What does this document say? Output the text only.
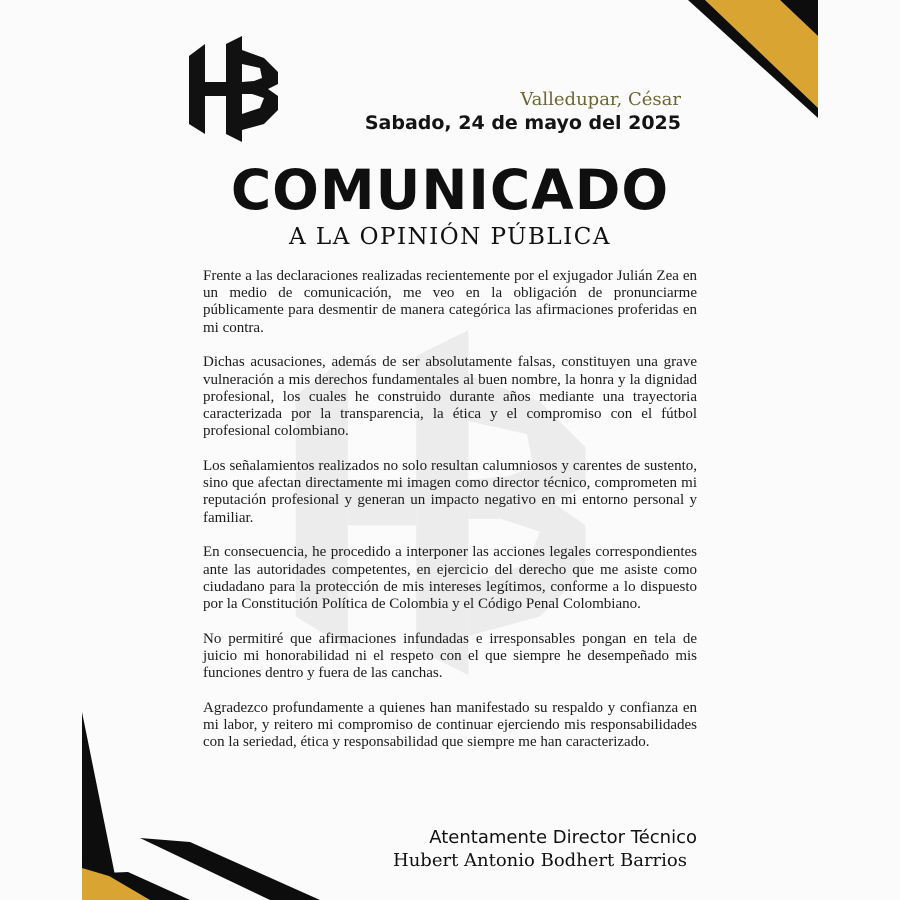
Valledupar, César
Sabado, 24 de mayo del 2025
COMUNICADO
A LA OPINIÓN PÚBLICA

Frente a las declaraciones realizadas recientemente por el exjugador Julián Zea en un medio de comunicación, me veo en la obligación de pronunciarme públicamente para desmentir de manera categórica las afirmaciones proferidas en mi contra.

Dichas acusaciones, además de ser absolutamente falsas, constituyen una grave vulneración a mis derechos fundamentales al buen nombre, la honra y la dignidad profesional, los cuales he construido durante años mediante una trayectoria caracterizada por la transparencia, la ética y el compromiso con el fútbol profesional colombiano.

Los señalamientos realizados no solo resultan calumniosos y carentes de sustento, sino que afectan directamente mi imagen como director técnico, comprometen mi reputación profesional y generan un impacto negativo en mi entorno personal y familiar.

En consecuencia, he procedido a interponer las acciones legales correspondientes ante las autoridades competentes, en ejercicio del derecho que me asiste como ciudadano para la protección de mis intereses legítimos, conforme a lo dispuesto por la Constitución Política de Colombia y el Código Penal Colombiano.

No permitiré que afirmaciones infundadas e irresponsables pongan en tela de juicio mi honorabilidad ni el respeto con el que siempre he desempeñado mis funciones dentro y fuera de las canchas.

Agradezco profundamente a quienes han manifestado su respaldo y confianza en mi labor, y reitero mi compromiso de continuar ejerciendo mis responsabilidades con la seriedad, ética y responsabilidad que siempre me han caracterizado.

Atentamente Director Técnico
Hubert Antonio Bodhert Barrios
